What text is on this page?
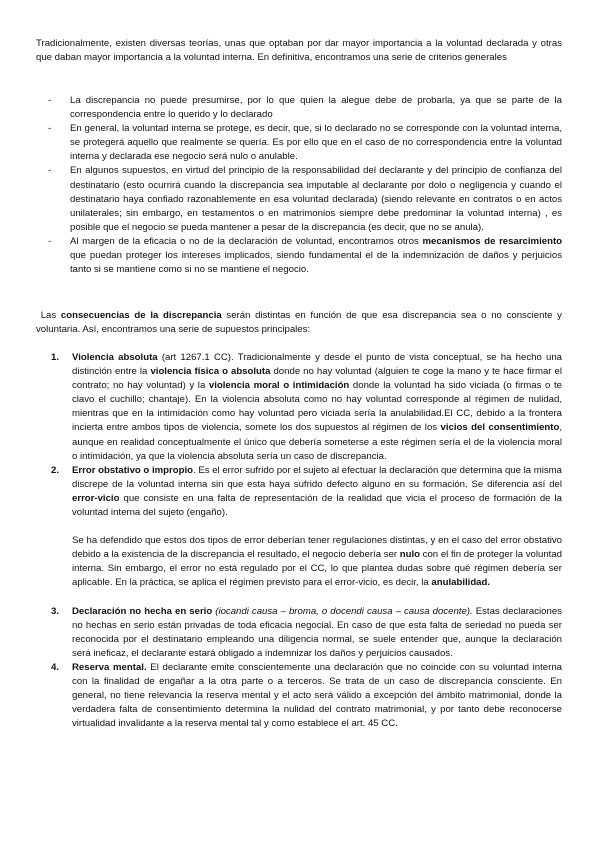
Tradicionalmente, existen diversas teorías, unas que optaban por dar mayor importancia a la voluntad declarada y otras que daban mayor importancia a la voluntad interna. En definitiva, encontramos una serie de criterios generales

- La discrepancia no puede presumirse, por lo que quien la alegue debe de probarla, ya que se parte de la correspondencia entre lo querido y lo declarado

- En general, la voluntad interna se protege, es decir, que, si lo declarado no se corresponde con la voluntad interna, se protegerá aquello que realmente se quería. Es por ello que en el caso de no correspondencia entre la voluntad interna y declarada ese negocio será nulo o anulable.

- En algunos supuestos, en virtud del principio de la responsabilidad del declarante y del principio de confianza del destinatario (esto ocurrirá cuando la discrepancia sea imputable al declarante por dolo o negligencia y cuando el destinatario haya confiado razonablemente en esa voluntad declarada) (siendo relevante en contratos o en actos unilaterales; sin embargo, en testamentos o en matrimonios siempre debe predominar la voluntad interna) , es posible que el negocio se pueda mantener a pesar de la discrepancia (es decir, que no se anula).

- Al margen de la eficacia o no de la declaración de voluntad, encontramos otros mecanismos de resarcimiento que puedan proteger los intereses implicados, siendo fundamental el de la indemnización de daños y perjuicios tanto si se mantiene como si no se mantiene el negocio.

Las consecuencias de la discrepancia serán distintas en función de que esa discrepancia sea o no consciente y voluntaria. Así, encontramos una serie de supuestos principales:

1. Violencia absoluta (art 1267.1 CC). Tradicionalmente y desde el punto de vista conceptual, se ha hecho una distinción entre la violencia física o absoluta donde no hay voluntad (alguien te coge la mano y te hace firmar el contrato; no hay voluntad) y la violencia moral o intimidación donde la voluntad ha sido viciada (o firmas o te clavo el cuchillo; chantaje). En la violencia absoluta como no hay voluntad corresponde al régimen de nulidad, mientras que en la intimidación como hay voluntad pero viciada sería la anulabilidad.El CC, debido a la frontera incierta entre ambos tipos de violencia, somete los dos supuestos al régimen de los vicios del consentimiento, aunque en realidad conceptualmente el único que debería someterse a este régimen sería el de la violencia moral o intimidación, ya que la violencia absoluta sería un caso de discrepancia.

2. Error obstativo o impropio. Es el error sufrido por el sujeto al efectuar la declaración que determina que la misma discrepe de la voluntad interna sin que esta haya sufrido defecto alguno en su formación. Se diferencia así del error-vicio que consiste en una falta de representación de la realidad que vicia el proceso de formación de la voluntad interna del sujeto (engaño).

Se ha defendido que estos dos tipos de error deberían tener regulaciones distintas, y en el caso del error obstativo debido a la existencia de la discrepancia el resultado, el negocio debería ser nulo con el fin de proteger la voluntad interna. Sin embargo, el error no está regulado por el CC, lo que plantea dudas sobre qué régimen debería ser aplicable. En la práctica, se aplica el régimen previsto para el error-vicio, es decir, la anulabilidad.

3. Declaración no hecha en serio (iocandi causa – broma, o docendi causa – causa docente). Estas declaraciones no hechas en serio están privadas de toda eficacia negocial. En caso de que esta falta de seriedad no pueda ser reconocida por el destinatario empleando una diligencia normal, se suele entender que, aunque la declaración será ineficaz, el declarante estará obligado a indemnizar los daños y perjuicios causados.

4. Reserva mental. El declarante emite conscientemente una declaración que no coincide con su voluntad interna con la finalidad de engañar a la otra parte o a terceros. Se trata de un caso de discrepancia consciente. En general, no tiene relevancia la reserva mental y el acto será válido a excepción del ámbito matrimonial, donde la verdadera falta de consentimiento determina la nulidad del contrato matrimonial, y por tanto debe reconocerse virtualidad invalidante a la reserva mental tal y como establece el art. 45 CC.
